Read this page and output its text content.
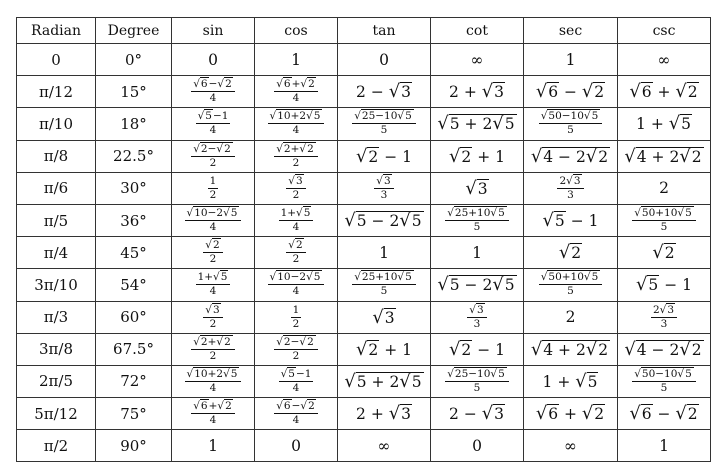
Radian	Degree	sin	cos	tan	cot	sec	csc
0	0°	0	1	0	∞	1	∞
π/12	15°	$\frac{√6-√2}{4}$	$\frac{√6+√2}{4}$	2 − √3	2 + √3	√6 − √2	√6 + √2
π/10	18°	$\frac{√5-1}{4}$	$\frac{√10+2√5}{4}$	$\frac{√25-10√5}{5}$	√5 + 2√5	$\frac{√50-10√5}{5}$	1 + √5
π/8	22.5°	$\frac{√2-√2}{2}$	$\frac{√2+√2}{2}$	√2 − 1	√2 + 1	√4 − 2√2	√4 + 2√2
π/6	30°	$\frac{1}{2}$	$\frac{√3}{2}$	$\frac{√3}{3}$	√3	$\frac{2√3}{3}$	2
π/5	36°	$\frac{√10-2√5}{4}$	$\frac{1+√5}{4}$	√5 − 2√5	$\frac{√25+10√5}{5}$	√5 − 1	$\frac{√50+10√5}{5}$

π/4	45°	$\frac{√2}{2}$	$\frac{√2}{2}$	1	1	√2	√2
3π/10	54°	$\frac{1+√5}{4}$	$\frac{√10-2√5}{4}$	$\frac{√25+10√5}{5}$	√5 − 2√5	$\frac{√50+10√5}{5}$	√5 − 1
π/3	60°	$\frac{√3}{2}$	$\frac{1}{2}$	√3	$\frac{√3}{3}$	2	$\frac{2√3}{3}$

3π/8	67.5°	$\frac{√2+√2}{2}$	$\frac{√2-√2}{2}$	√2 + 1	√2 − 1	√4 + 2√2	√4 − 2√2
2π/5	72°	$\frac{√10+2√5}{4}$	$\frac{√5-1}{4}$	√5 + 2√5	$\frac{√25-10√5}{5}$	1 + √5	$\frac{√50-10√5}{5}$

5π/12	75°	$\frac{√6+√2}{4}$	$\frac{√6-√2}{4}$	2 + √3	2 − √3	√6 + √2	√6 − √2
π/2	90°	1	0	∞	0	∞	1
